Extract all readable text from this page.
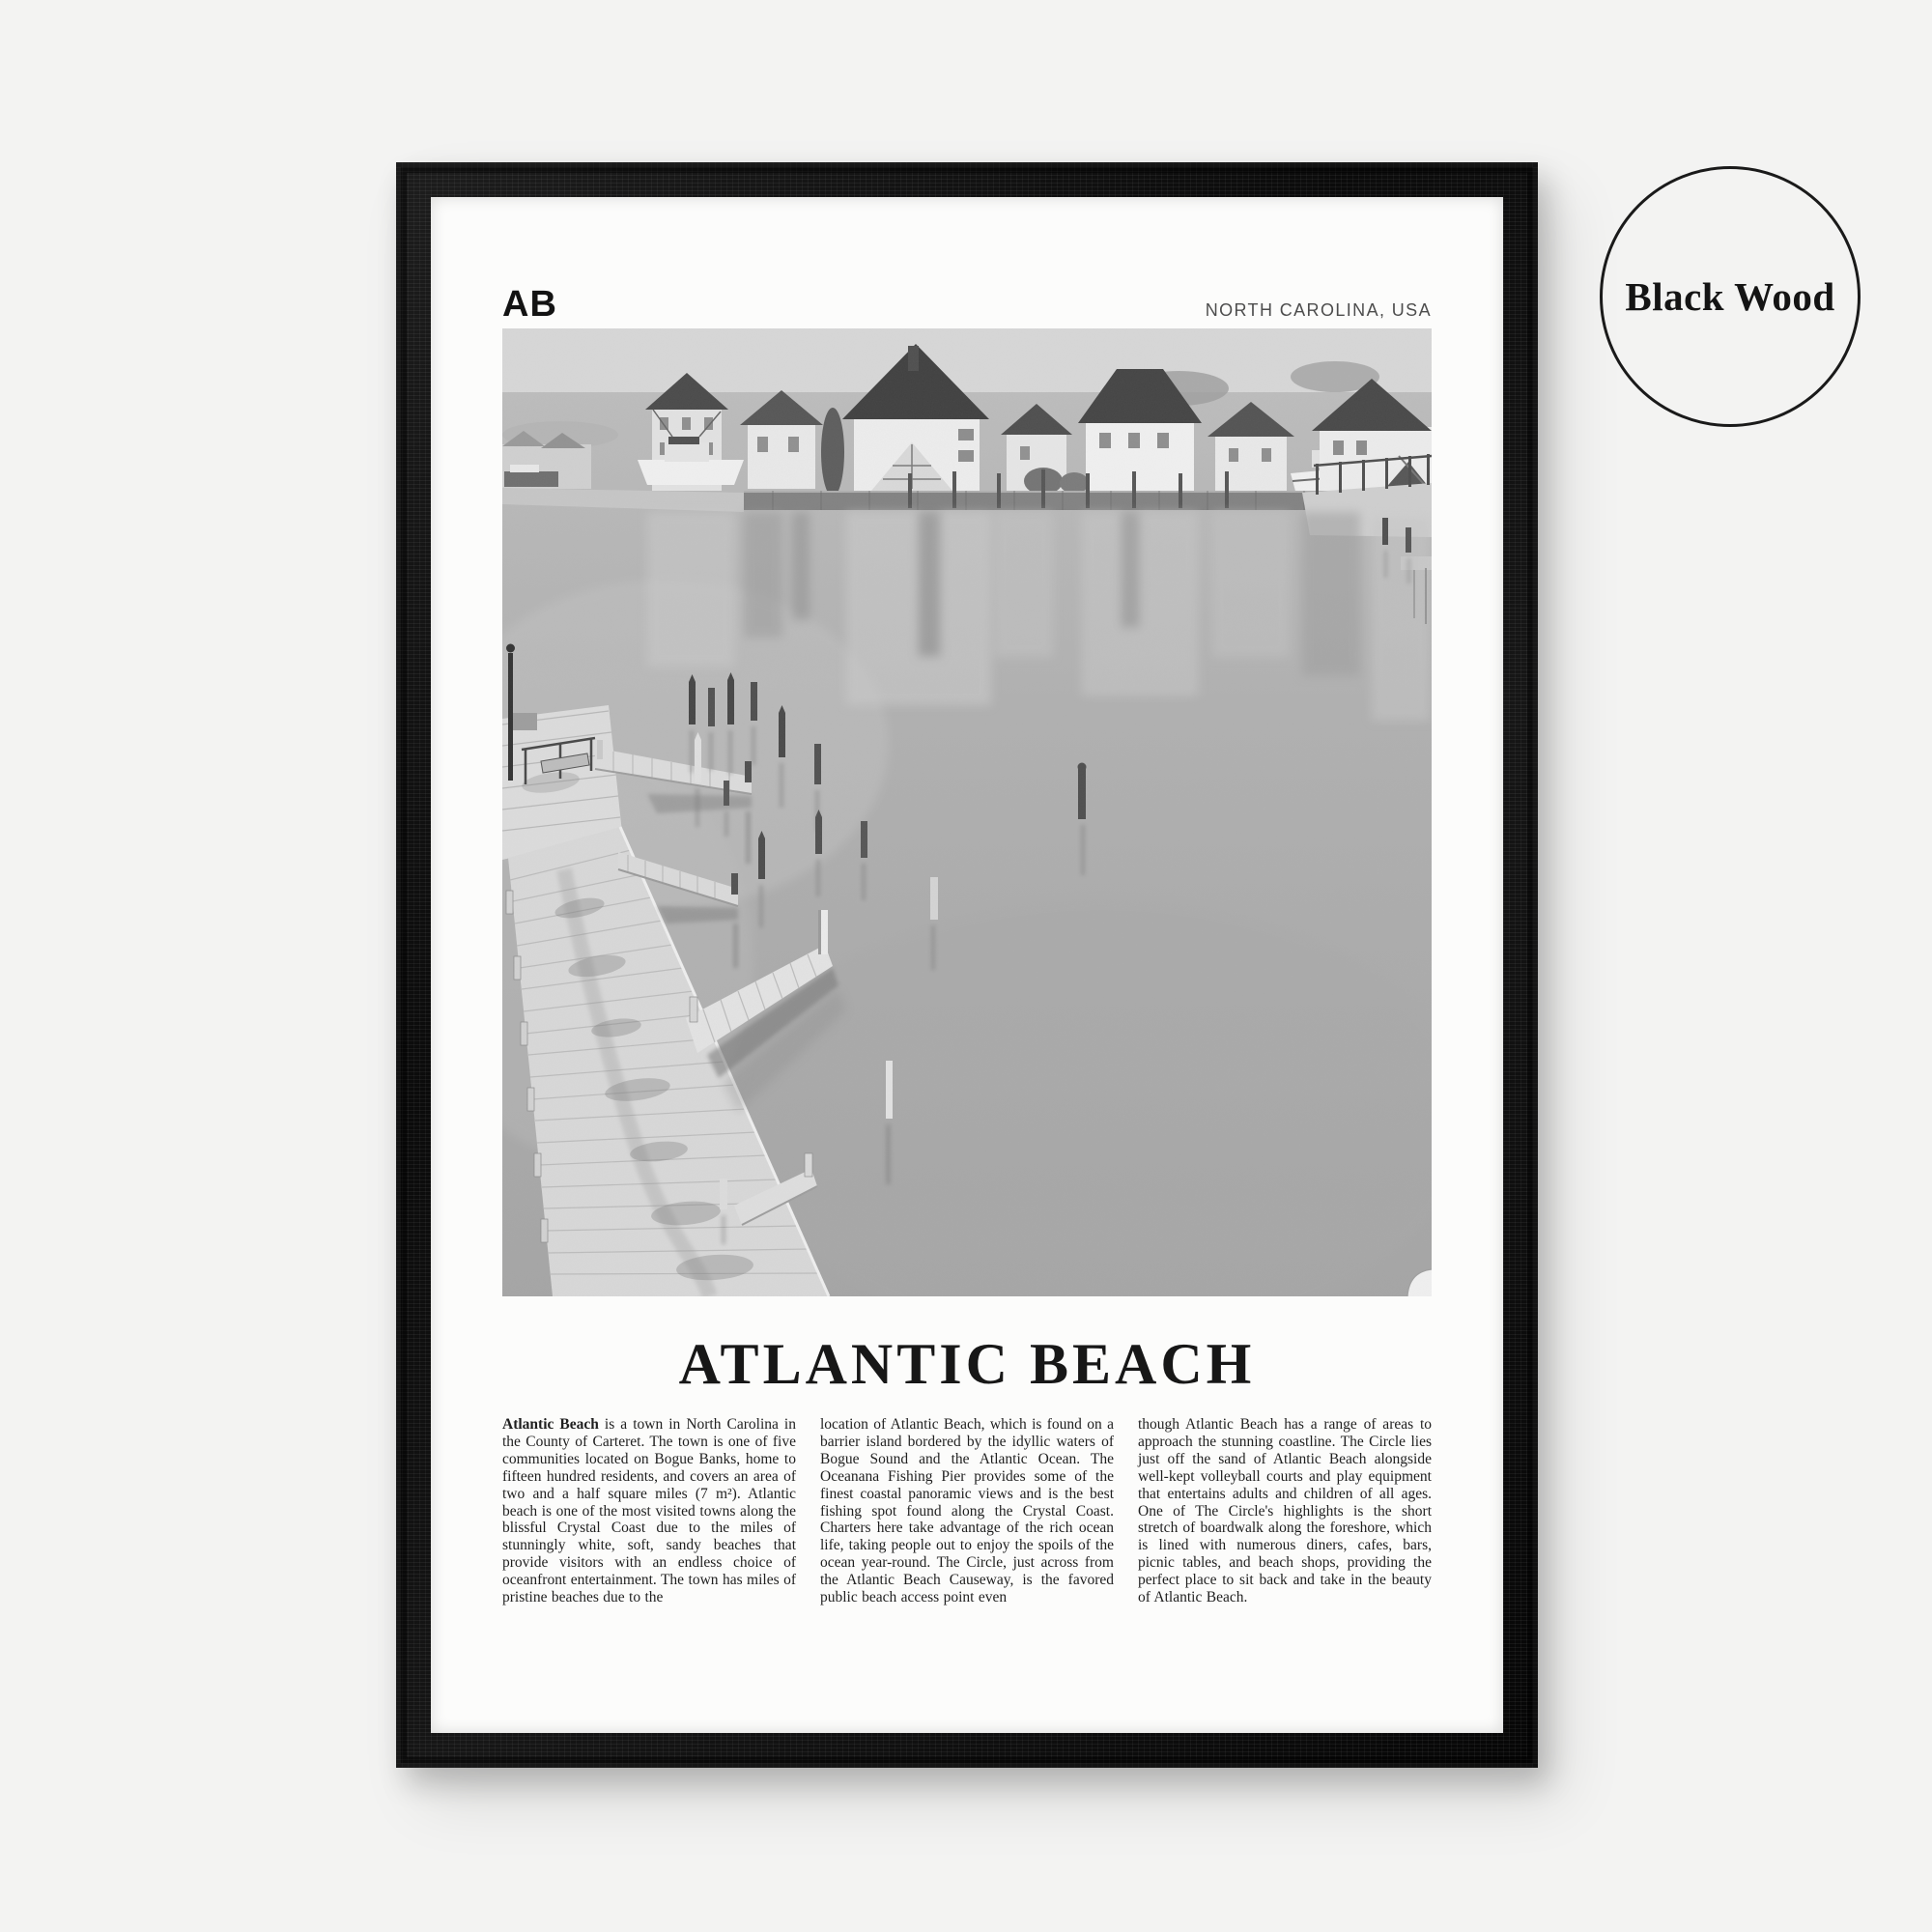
AB	NORTH CAROLINA, USA
ATLANTIC BEACH

Atlantic Beach is a town in North Carolina in the County of Carteret. The town is one of five communities located on Bogue Banks, home to fifteen hundred residents, and covers an area of two and a half square miles (7 m²). Atlantic beach is one of the most visited towns along the blissful Crystal Coast due to the miles of stunningly white, soft, sandy beaches that provide visitors with an endless choice of oceanfront entertainment. The town has miles of pristine beaches due to the

location of Atlantic Beach, which is found on a barrier island bordered by the idyllic waters of Bogue Sound and the Atlantic Ocean. The Oceanana Fishing Pier provides some of the finest coastal panoramic views and is the best fishing spot found along the Crystal Coast. Charters here take advantage of the rich ocean life, taking people out to enjoy the spoils of the ocean year-round. The Circle, just across from the Atlantic Beach Causeway, is the favored public beach access point even

though Atlantic Beach has a range of areas to approach the stunning coastline. The Circle lies just off the sand of Atlantic Beach alongside well-kept volleyball courts and play equipment that entertains adults and children of all ages. One of The Circle's highlights is the short stretch of boardwalk along the foreshore, which is lined with numerous diners, cafes, bars, picnic tables, and beach shops, providing the perfect place to sit back and take in the beauty of Atlantic Beach.

Black Wood
